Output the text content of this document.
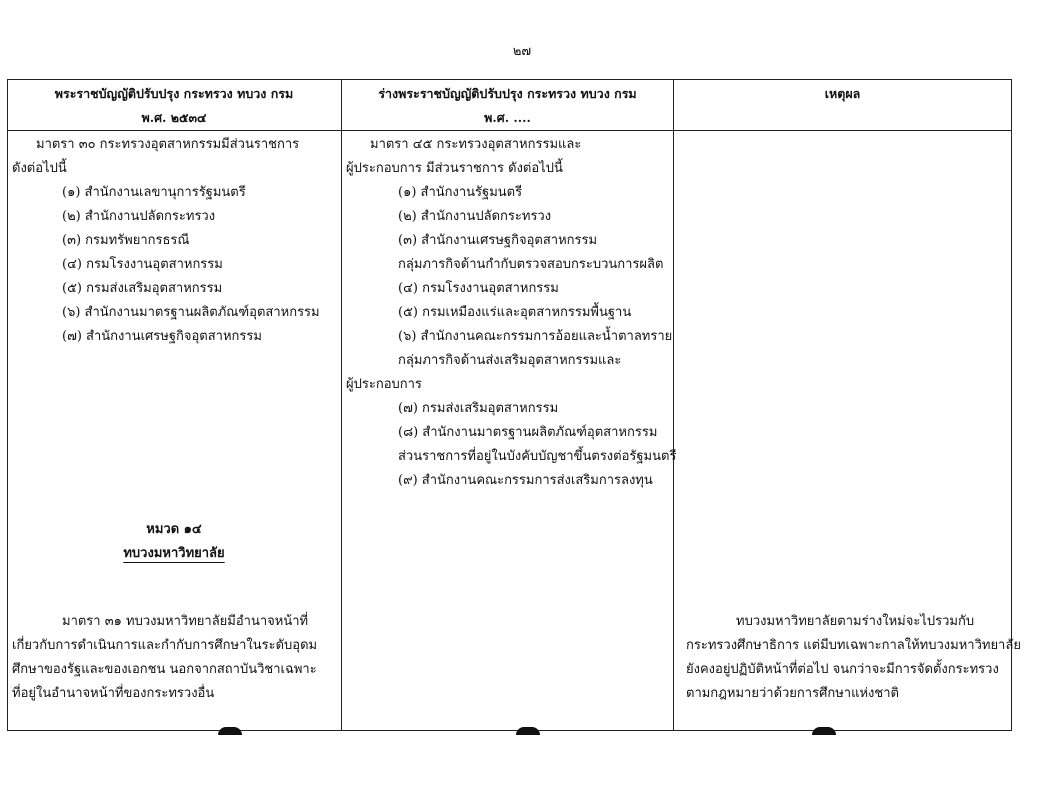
๒๗
พระราชบัญญัติปรับปรุง กระทรวง ทบวง กรม
พ.ศ. ๒๕๓๔
ร่างพระราชบัญญัติปรับปรุง กระทรวง ทบวง กรม
พ.ศ. ....
เหตุผล
มาตรา ๓๐ กระทรวงอุตสาหกรรมมีส่วนราชการ
ดังต่อไปนี้
(๑) สำนักงานเลขานุการรัฐมนตรี
(๒) สำนักงานปลัดกระทรวง
(๓) กรมทรัพยากรธรณี
(๔) กรมโรงงานอุตสาหกรรม
(๕) กรมส่งเสริมอุตสาหกรรม
(๖) สำนักงานมาตรฐานผลิตภัณฑ์อุตสาหกรรม
(๗) สำนักงานเศรษฐกิจอุตสาหกรรม
หมวด ๑๔
ทบวงมหาวิทยาลัย
มาตรา ๓๑ ทบวงมหาวิทยาลัยมีอำนาจหน้าที่
เกี่ยวกับการดำเนินการและกำกับการศึกษาในระดับอุดม
ศึกษาของรัฐและของเอกชน นอกจากสถาบันวิชาเฉพาะ
ที่อยู่ในอำนาจหน้าที่ของกระทรวงอื่น
มาตรา ๔๕ กระทรวงอุตสาหกรรมและ
ผู้ประกอบการ มีส่วนราชการ ดังต่อไปนี้
(๑) สำนักงานรัฐมนตรี
(๒) สำนักงานปลัดกระทรวง
(๓) สำนักงานเศรษฐกิจอุตสาหกรรม
กลุ่มภารกิจด้านกำกับตรวจสอบกระบวนการผลิต
(๔) กรมโรงงานอุตสาหกรรม
(๕) กรมเหมืองแร่และอุตสาหกรรมพื้นฐาน
(๖) สำนักงานคณะกรรมการอ้อยและน้ำตาลทราย
กลุ่มภารกิจด้านส่งเสริมอุตสาหกรรมและ
ผู้ประกอบการ
(๗) กรมส่งเสริมอุตสาหกรรม
(๘) สำนักงานมาตรฐานผลิตภัณฑ์อุตสาหกรรม
ส่วนราชการที่อยู่ในบังคับบัญชาขึ้นตรงต่อรัฐมนตรี
(๙) สำนักงานคณะกรรมการส่งเสริมการลงทุน
ทบวงมหาวิทยาลัยตามร่างใหม่จะไปรวมกับ
กระทรวงศึกษาธิการ แต่มีบทเฉพาะกาลให้ทบวงมหาวิทยาลัย
ยังคงอยู่ปฏิบัติหน้าที่ต่อไป จนกว่าจะมีการจัดตั้งกระทรวง
ตามกฎหมายว่าด้วยการศึกษาแห่งชาติ
